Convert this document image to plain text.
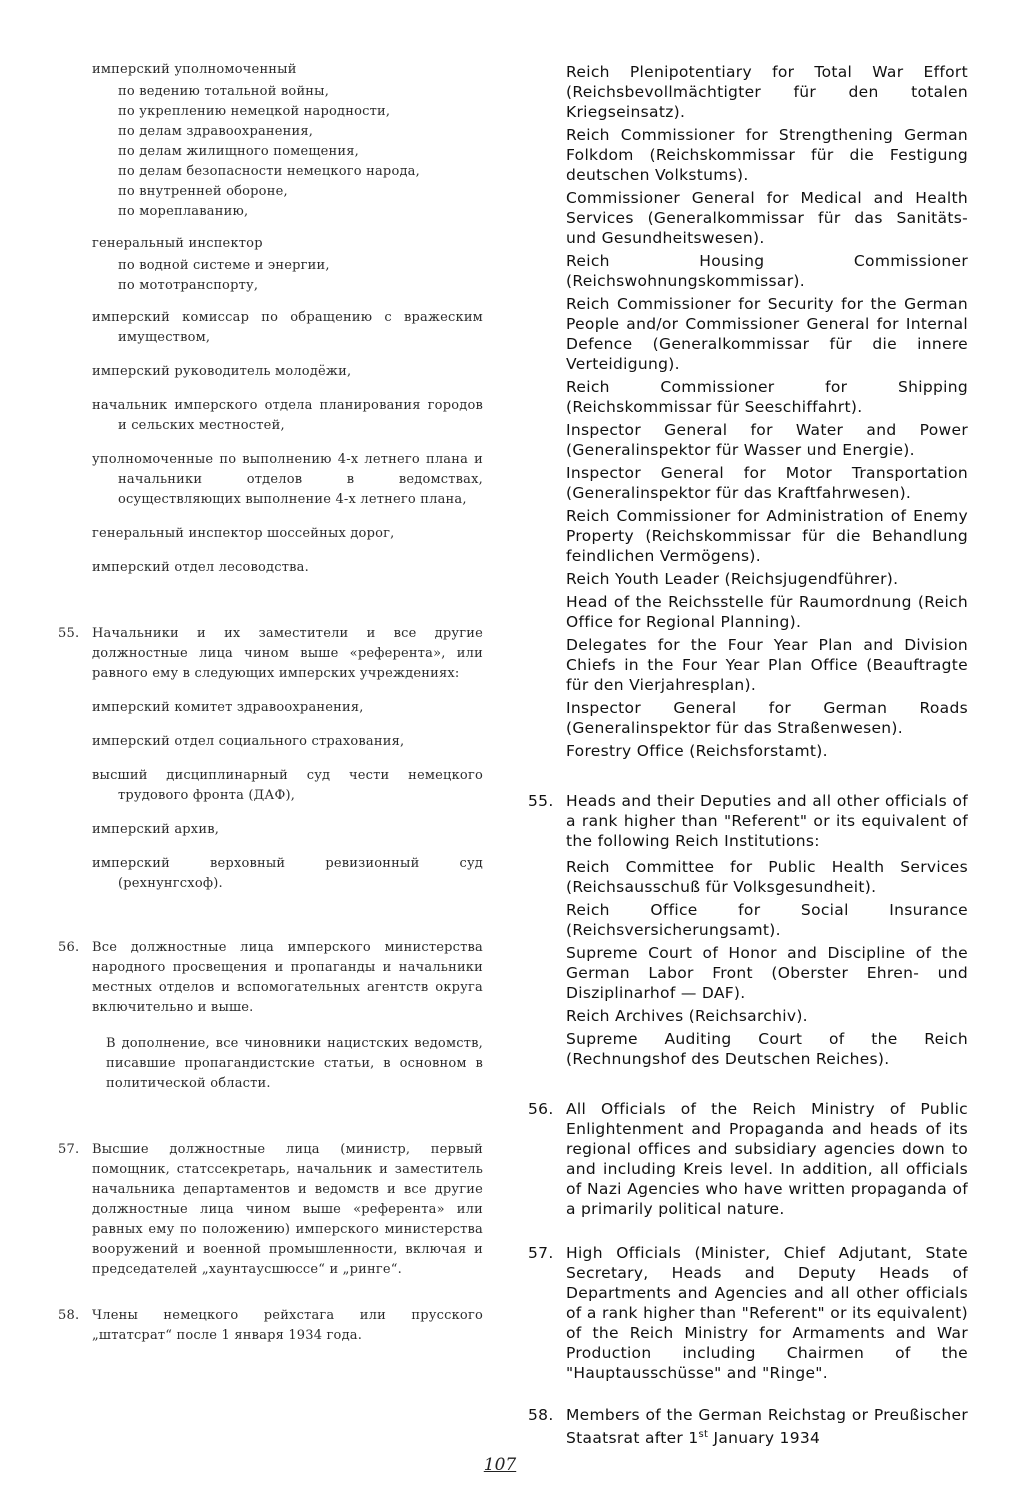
имперский уполномоченный
по ведению тотальной войны,
по укреплению немецкой народности,
по делам здравоохранения,
по делам жилищного помещения,
по делам безопасности немецкого народа,
по внутренней обороне,
по мореплаванию,
генеральный инспектор
по водной системе и энергии,
по мототранспорту,
имперский комиссар по обращению с вражеским имуществом,
имперский руководитель молодёжи,
начальник имперского отдела планирования городов и сельских местностей,
уполномоченные по выполнению 4-х летнего плана и начальники отделов в ведомствах, осуществляющих выполнение 4-х летнего плана,
генеральный инспектор шоссейных дорог,
имперский отдел лесоводства.
55. Начальники и их заместители и все другие должностные лица чином выше «референта», или равного ему в следующих имперских учреждениях:
имперский комитет здравоохранения,
имперский отдел социального страхования,
высший дисциплинарный суд чести немецкого трудового фронта (ДАФ),
имперский архив,
имперский верховный ревизионный суд (рехнунгсхоф).
56. Все должностные лица имперского министерства народного просвещения и пропаганды и начальники местных отделов и вспомогательных агентств округа включительно и выше.
В дополнение, все чиновники нацистских ведомств, писавшие пропагандистские статьи, в основном в политической области.
57. Высшие должностные лица (министр, первый помощник, статссекретарь, начальник и заместитель начальника департаментов и ведомств и все другие должностные лица чином выше «референта» или равных ему по положению) имперского министерства вооружений и военной промышленности, включая и председателей „хаунтаусшюссе“ и „ринге“.
58. Члены немецкого рейхстага или прусского „штатсрат“ после 1 января 1934 года.
Reich Plenipotentiary for Total War Effort (Reichsbevollmächtigter für den totalen Kriegseinsatz).
Reich Commissioner for Strengthening German Folkdom (Reichskommissar für die Festigung deutschen Volkstums).
Commissioner General for Medical and Health Services (Generalkommissar für das Sanitäts- und Gesundheitswesen).
Reich Housing Commissioner (Reichswohnungskommissar).
Reich Commissioner for Security for the German People and/or Commissioner General for Internal Defence (Generalkommissar für die innere Verteidigung).
Reich Commissioner for Shipping (Reichskommissar für Seeschiffahrt).
Inspector General for Water and Power (Generalinspektor für Wasser und Energie).
Inspector General for Motor Transportation (Generalinspektor für das Kraftfahrwesen).
Reich Commissioner for Administration of Enemy Property (Reichskommissar für die Behandlung feindlichen Vermögens).
Reich Youth Leader (Reichsjugendführer).
Head of the Reichsstelle für Raumordnung (Reich Office for Regional Planning).
Delegates for the Four Year Plan and Division Chiefs in the Four Year Plan Office (Beauftragte für den Vierjahresplan).
Inspector General for German Roads (Generalinspektor für das Straßenwesen).
Forestry Office (Reichsforstamt).
55. Heads and their Deputies and all other officials of a rank higher than "Referent" or its equivalent of the following Reich Institutions:
Reich Committee for Public Health Services (Reichsausschuß für Volksgesundheit).
Reich Office for Social Insurance (Reichsversicherungsamt).
Supreme Court of Honor and Discipline of the German Labor Front (Oberster Ehren- und Disziplinarhof — DAF).
Reich Archives (Reichsarchiv).
Supreme Auditing Court of the Reich (Rechnungshof des Deutschen Reiches).
56. All Officials of the Reich Ministry of Public Enlightenment and Propaganda and heads of its regional offices and subsidiary agencies down to and including Kreis level. In addition, all officials of Nazi Agencies who have written propaganda of a primarily political nature.
57. High Officials (Minister, Chief Adjutant, State Secretary, Heads and Deputy Heads of Departments and Agencies and all other officials of a rank higher than "Referent" or its equivalent) of the Reich Ministry for Armaments and War Production including Chairmen of the "Hauptausschüsse" and "Ringe".
58. Members of the German Reichstag or Preußischer Staatsrat after 1st January 1934
107
